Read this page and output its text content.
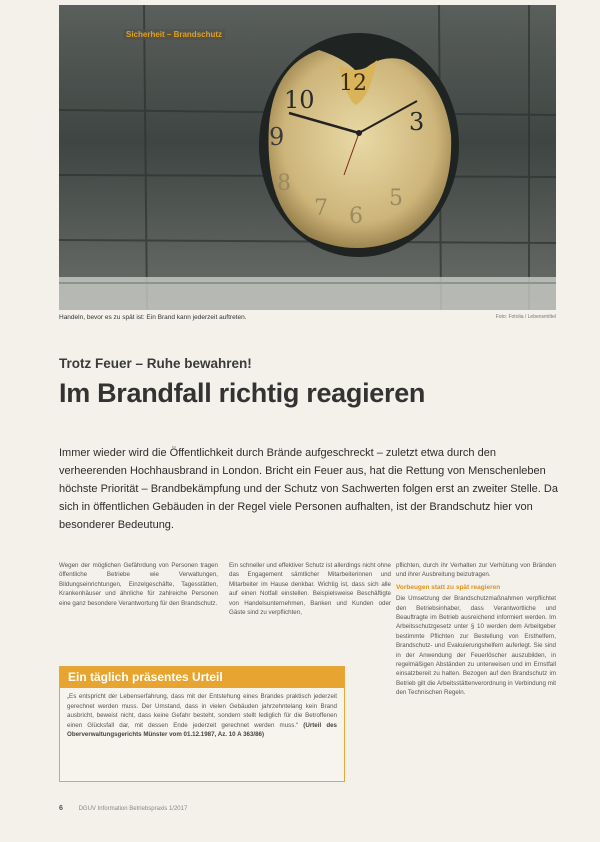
Sicherheit – Brandschutz
10
12
3
9
8
7 6
5
Handeln, bevor es zu spät ist: Ein Brand kann jederzeit auftreten.	Foto: Fotolia / Lebensmittel
Trotz Feuer – Ruhe bewahren!
Im Brandfall richtig reagieren
Immer wieder wird die Öffentlichkeit durch Brände aufgeschreckt – zuletzt etwa durch den verheerenden Hochhausbrand in London. Bricht ein Feuer aus, hat die Rettung von Menschenleben höchste Priorität – Brandbekämpfung und der Schutz von Sachwerten folgen erst an zweiter Stelle. Da sich in öffentlichen Gebäuden in der Regel viele Personen aufhalten, ist der Brandschutz hier von besonderer Bedeutung.
Wegen der möglichen Gefährdung von Personen tragen öffentliche Betriebe wie Verwaltungen, Bildungseinrichtungen, Einzelgeschäfte, Tagesstätten, Krankenhäuser und ähnliche für zahlreiche Personen eine ganz besondere Verantwortung für den Brandschutz.
Ein schneller und effektiver Schutz ist allerdings nicht ohne das Engagement sämtlicher Mitarbeiterinnen und Mitarbeiter im Hause denkbar. Wichtig ist, dass sich alle auf einen Notfall einstellen. Beispielsweise Beschäftigte von Handelsunternehmen, Banken und Kunden oder Gäste sind zu verpflichten,
pflichten, durch ihr Verhalten zur Verhütung von Bränden und ihrer Ausbreitung beizutragen.
Vorbeugen statt zu spät reagieren
Die Umsetzung der Brandschutzmaßnahmen verpflichtet den Betriebsinhaber, dass Verantwortliche und Beauftragte im Betrieb ausreichend informiert werden. Im Arbeitsschutzgesetz unter § 10 werden dem Arbeitgeber bestimmte Pflichten zur Bestellung von Ersthelfern, Brandschutz- und Evakuierungshelfern auferlegt. Sie sind in der Anwendung der Feuerlöscher auszubilden, in regelmäßigen Abständen zu unterweisen und im Ernstfall einsatzbereit zu halten. Bezogen auf den Brandschutz im Betrieb gilt die Arbeitsstättenverordnung in Verbindung mit den Technischen Regeln.
Ein täglich präsentes Urteil
„Es entspricht der Lebenserfahrung, dass mit der Entstehung eines Brandes praktisch jederzeit gerechnet werden muss. Der Umstand, dass in vielen Gebäuden jahrzehntelang kein Brand ausbricht, beweist nicht, dass keine Gefahr besteht, sondern stellt lediglich für die Betroffenen einen Glücksfall dar, mit dessen Ende jederzeit gerechnet werden muss.“ (Urteil des Oberverwaltungsgerichts Münster vom 01.12.1987, Az. 10 A 363/86)
6	DGUV Information Betriebspraxis 1/2017
